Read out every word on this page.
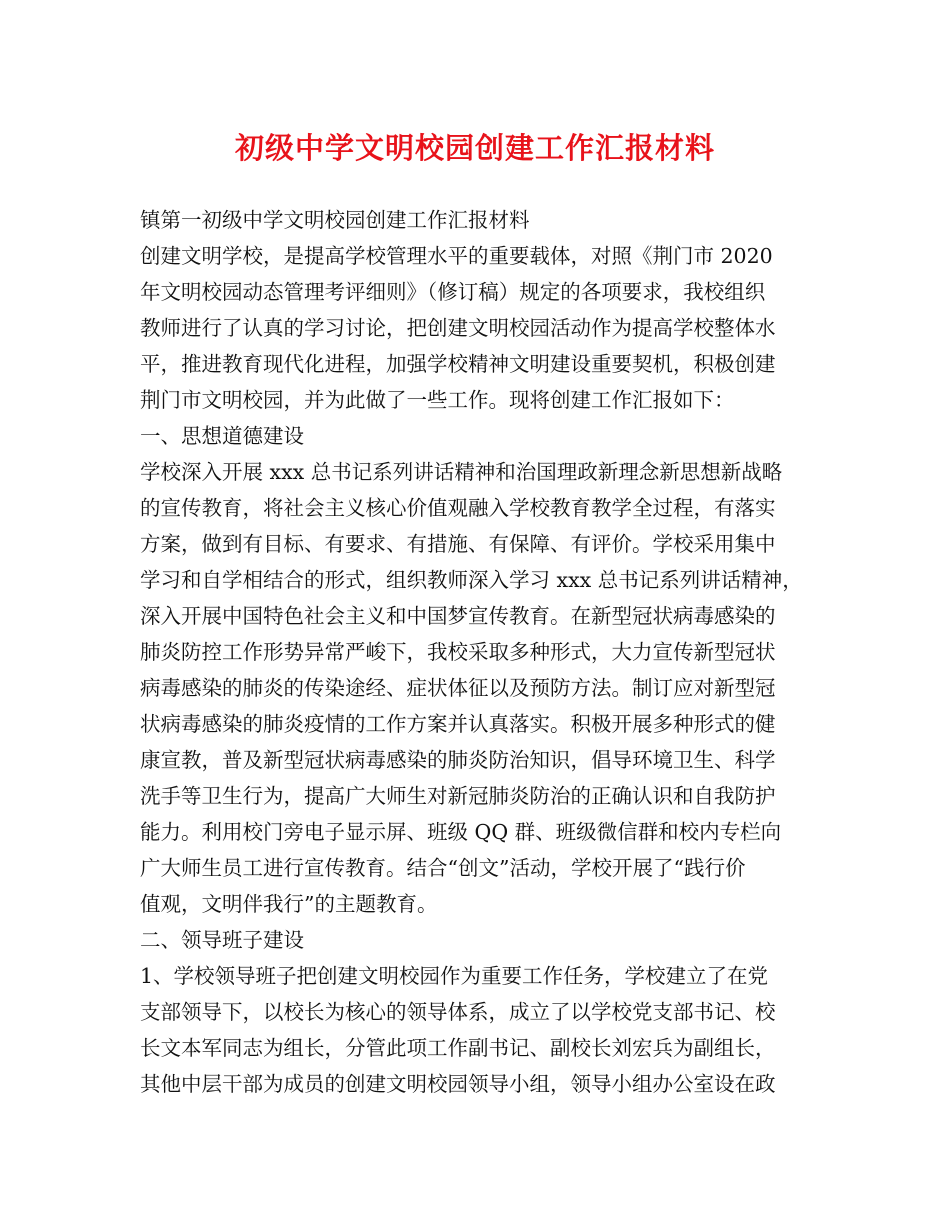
初级中学文明校园创建工作汇报材料
镇第一初级中学文明校园创建工作汇报材料
创建文明学校，是提高学校管理水平的重要载体，对照《荆门市 2020
年文明校园动态管理考评细则》（修订稿）规定的各项要求，我校组织
教师进行了认真的学习讨论，把创建文明校园活动作为提高学校整体水
平，推进教育现代化进程，加强学校精神文明建设重要契机，积极创建
荆门市文明校园，并为此做了一些工作。现将创建工作汇报如下：
一、思想道德建设
学校深入开展 xxx 总书记系列讲话精神和治国理政新理念新思想新战略
的宣传教育，将社会主义核心价值观融入学校教育教学全过程，有落实
方案，做到有目标、有要求、有措施、有保障、有评价。学校采用集中
学习和自学相结合的形式，组织教师深入学习 xxx 总书记系列讲话精神，
深入开展中国特色社会主义和中国梦宣传教育。在新型冠状病毒感染的
肺炎防控工作形势异常严峻下，我校采取多种形式，大力宣传新型冠状
病毒感染的肺炎的传染途经、症状体征以及预防方法。制订应对新型冠
状病毒感染的肺炎疫情的工作方案并认真落实。积极开展多种形式的健
康宣教，普及新型冠状病毒感染的肺炎防治知识，倡导环境卫生、科学
洗手等卫生行为，提高广大师生对新冠肺炎防治的正确认识和自我防护
能力。利用校门旁电子显示屏、班级 QQ 群、班级微信群和校内专栏向
广大师生员工进行宣传教育。结合“创文”活动，学校开展了“践行价
值观，文明伴我行”的主题教育。
二、领导班子建设
1、学校领导班子把创建文明校园作为重要工作任务，学校建立了在党
支部领导下，以校长为核心的领导体系，成立了以学校党支部书记、校
长文本军同志为组长，分管此项工作副书记、副校长刘宏兵为副组长，
其他中层干部为成员的创建文明校园领导小组，领导小组办公室设在政
